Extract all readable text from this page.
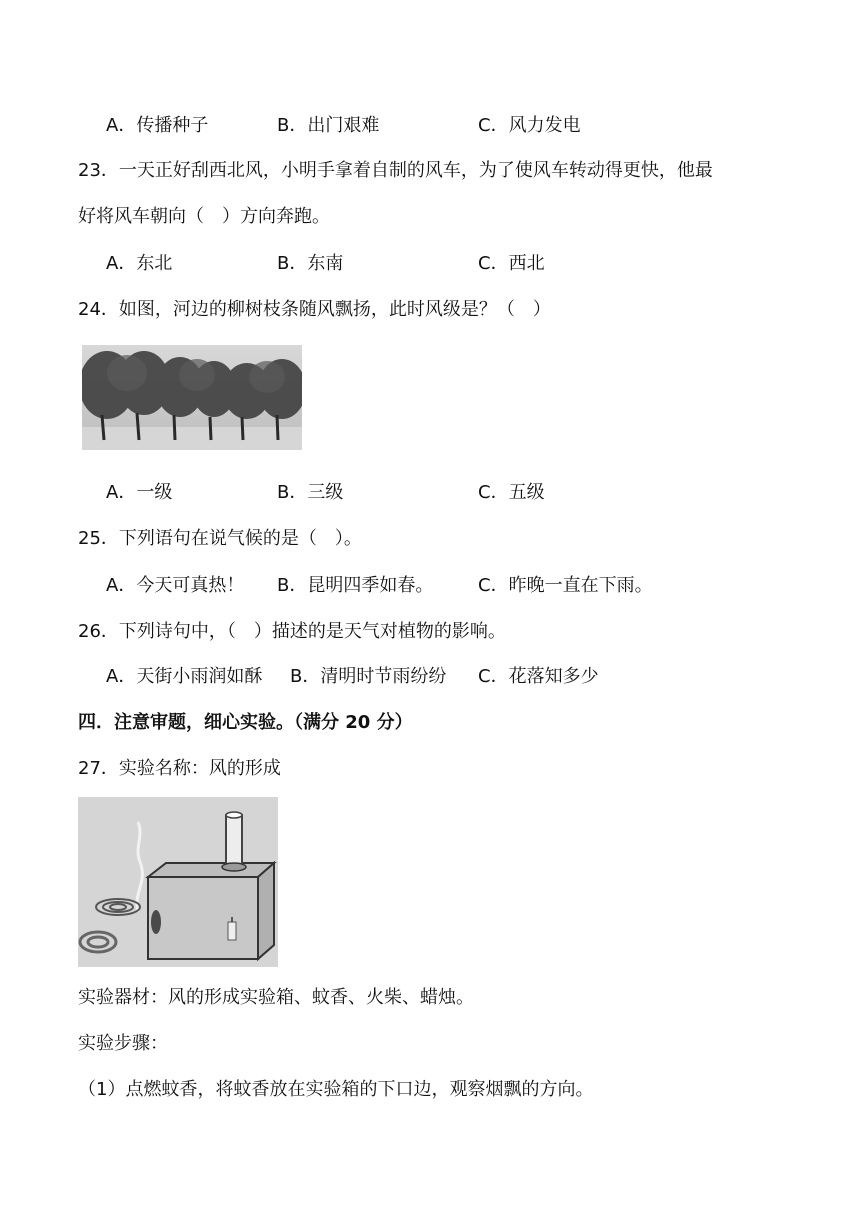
A．传播种子	B．出门艰难	C．风力发电
23．一天正好刮西北风，小明手拿着自制的风车，为了使风车转动得更快，他最
好将风车朝向（　）方向奔跑。
A．东北	B．东南	C．西北
24．如图，河边的柳树枝条随风飘扬，此时风级是？（　）
A．一级	B．三级	C．五级
25．下列语句在说气候的是（　）。
A．今天可真热！ B．昆明四季如春。 C．昨晚一直在下雨。
26．下列诗句中，（　）描述的是天气对植物的影响。
A．天街小雨润如酥 B．清明时节雨纷纷 C．花落知多少
四．注意审题，细心实验。（满分 20 分）
27．实验名称：风的形成
实验器材：风的形成实验箱、蚊香、火柴、蜡烛。
实验步骤：
（1）点燃蚊香，将蚊香放在实验箱的下口边，观察烟飘的方向。
